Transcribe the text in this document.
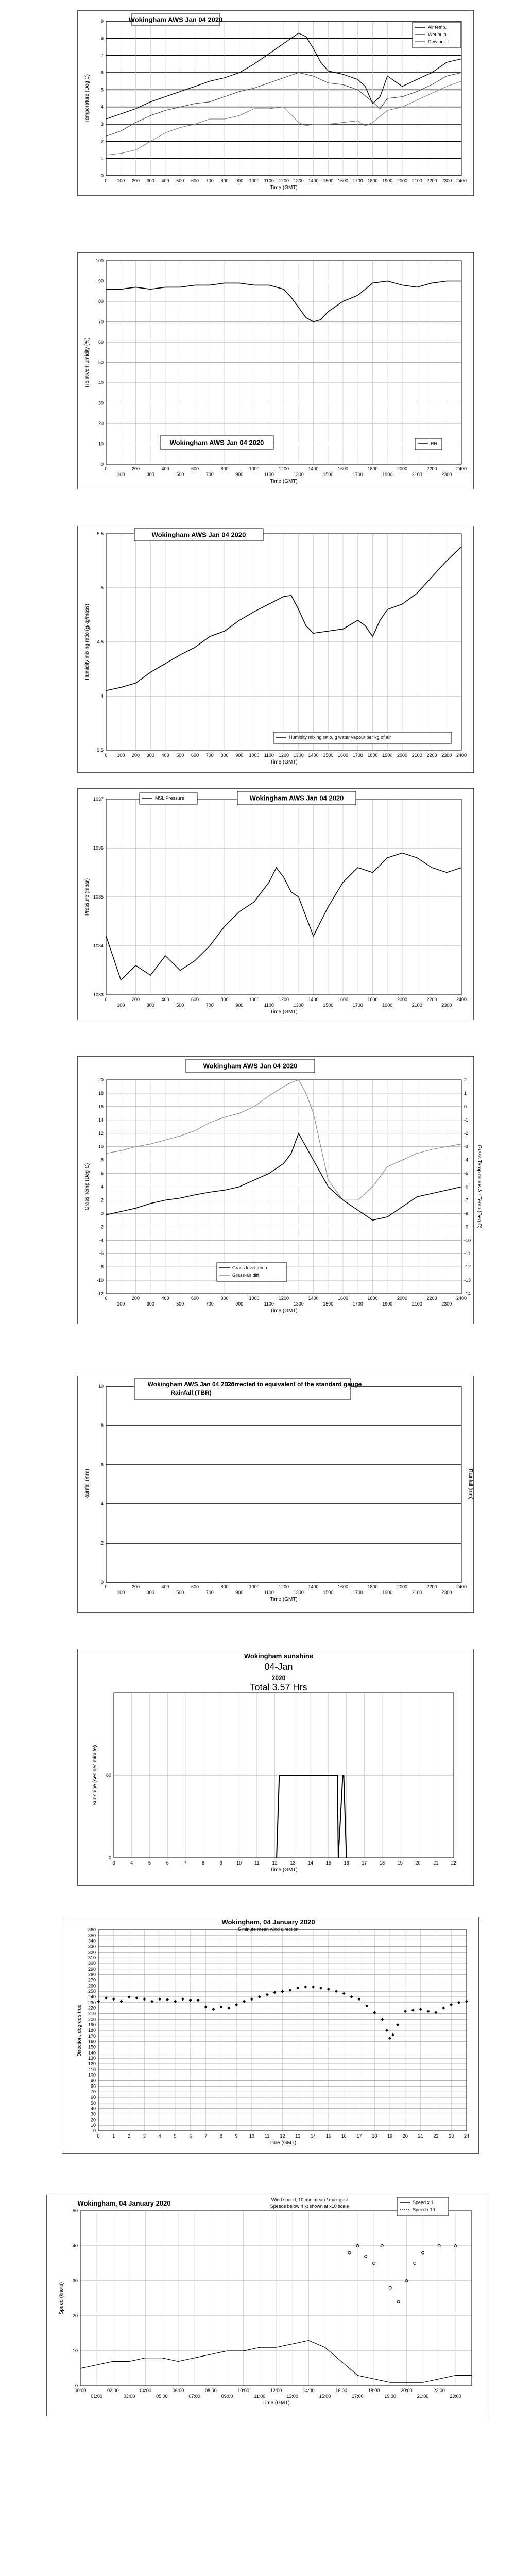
0
1
2
3
4
5
6
7
8
9
0 100 200 300 400 500 600 700 800 900 1000 1100 1200 1300 1400 1500 1600 1700 1800 1900 2000 2100 2200 2300 2400
Time (GMT)
Temperature (Deg C)
Wokingham AWS Jan 04 2020
Air temp.
Wet bulb
Dew point
0
10
20
30
40
50
60
70
80
90
100
0	200	400	600	800	1000	1200	1400	1600	1800	2000	2200	2400
100	300	500	700	900	1100	1300	1500	1700	1900	2100	2300
Time (GMT)
Relative Humidity (%)
Wokingham AWS Jan 04 2020	RH
3.5
4
4.5
5
5.5
0 100 200 300 400 500 600 700 800 900 1000 1100 1200 1300 1400 1500 1600 1700 1800 1900 2000 2100 2200 2300 2400
Time (GMT)
Humidity mixing ratio (g/kg/mass)
Wokingham AWS Jan 04 2020
Humidity mixing ratio, g water vapour per kg of air
1033
1034
1035
1036
1037
0	200	400	600	800	1000	1200	1400	1600	1800	2000	2200	2400
100	300	500	700	900	1100	1300	1500	1700	1900	2100	2300
Time (GMT)
Pressure (mbar)
MSL Pressure	Wokingham AWS Jan 04 2020
-12
-10
-8
-6
-4
-2
0
2
4
6
8
10
12
14
16
18
20
0	200	400	600	800	1000	1200	1400	1600	1800	2000	2200	2400
100	300	500	700	900	1100	1300	1500	1700	1900	2100	2300
Time (GMT)
Grass Temp (Deg C)
-14
-13
-12
-11
-10
-9
-8
-7
-6
-5
-4
-3
-2
-1
0
1
2
Grass Temp minus Air Temp (Deg C)
Wokingham AWS Jan 04 2020
Grass level temp
Grass-air diff
0
2
4
6
8
10
0	200	400	600	800	1000	1200	1400	1600	1800	2000	2200	2400
100	300	500	700	900	1100	1300	1500	1700	1900	2100	2300
Time (GMT)
Rainfall (mm)	Rainfall (mm)
Wokingham AWS Jan 04 2020
Rainfall (TBR)
Corrected to equivalent of the standard gauge
0
60
3	4	5	6	7	8	9	10	11	12	13	14	15	16	17	18	19	20	21	22
Time (GMT)
Sunshine (sec per minute)
Wokingham sunshine
04-Jan
2020
Total 3.57 Hrs
0
10
20
30
40
50
60
70
80
90
100
110
120
130
140
150
160
170
180
190
200
210
220
230
240
250
260
270
280
290
300
310
320
330
340
350
360
0	1	2	3	4	5	6	7	8	9 10 11 12 13 14 15 16 17 18 19 20 21 22 23 24
Time (GMT)
Direction, degrees true
Wokingham, 04 January 2020
5 minute mean wind direction
0
10
20
30
40
50
00:00	02:00	04:00	06:00	08:00	10:00	12:00	14:00	16:00	18:00	20:00	22:00
01:00	03:00	05:00	07:00	09:00	11:00	13:00	15:00	17:00	19:00	21:00	23:00
Time (GMT)
Speed (knots)
Wokingham, 04 January 2020	Wind speed, 10 min mean / max gust
Speeds below 4 kt shown at x10 scale
Speed x 1
Speed / 10
